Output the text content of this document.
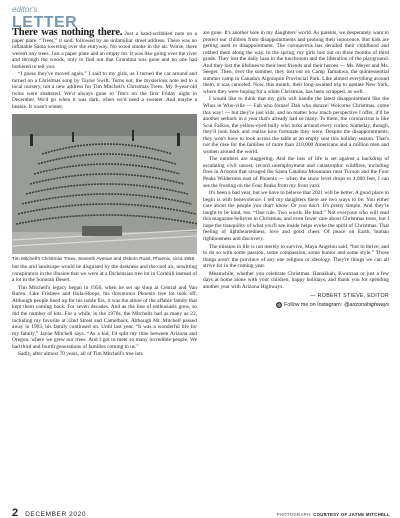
editor's
LETTER

There was nothing there. Just a hand-scribbled note on a paper plate. “Trees,” it said, followed by an unfamiliar street address. There was no inflatable Santa towering over the entryway. No wood smoke in the air. Worse, there weren't any trees. Just a paper plate and an empty lot. It was like going over the river and through the woods, only to find out that Grandma was gone and no one had bothered to tell you.

“I guess they've moved again,” I said to my girls, as I turned the car around and turned on a Christmas song by Taylor Swift. Turns out, the mysterious note led to a local nursery, not a new address for Tim Mitchell's Christmas Trees. My 9-year-old twins were shattered. We'd always gone to Tim's on the first Friday night in December. We'd go when it was dark, when we'd need a sweater. And maybe a beanie. It wasn't winter,

Tim Mitchell's Christmas Trees, Seventh Avenue and Osborn Road, Phoenix, circa 1955

but the arid landscape would be disguised by the darkness and the cool air, unwitting conspirators in the illusion that we were at a Dickensian tree lot in Cornhill instead of a lot in the Sonoran Desert.

Tim Mitchell's legacy began in 1950, when he set up shop at Central and Van Buren. Like Frisbees and Hula-Hoops, his downtown Phoenix tree lot took off. Although people lined up for his noble firs, it was the allure of the affable family that kept them coming back. For seven decades. And as the line of enthusiasts grew, so did the number of lots. For a while, in the 1970s, the Mitchells had as many as 22, including my favorite at 32nd Street and Camelback. Although Mr. Mitchell passed away in 1993, his family continued on. Until last year. “It was a wonderful life for my family,” Jayne Mitchell says. “As a kid, I'd split my time between Arizona and Oregon, where we grew our trees. And I got to meet so many incredible people. We had third and fourth generations of families coming to us.”

Sadly, after almost 70 years, all of Tim Mitchell's tree lots

are gone. It's another hole in my daughters' world. As parents, we desperately want to protect our children from disappointments and prolong their innocence. But kids are getting used to disappointment. The coronavirus has derailed their childhood and robbed them along the way. In the spring, my girls lost out on three months of third grade. They lost the daily luau in the lunchroom and the liberation of the playground. And they lost the lifelines to their best friends and their heroes — Ms. Meyer and Ms. Seeger. Then, over the summer, they lost out on Camp Tamakwa, the quintessential summer camp in Canada's Algonquin Provincial Park. Like almost everything around them, it was canceled. Now, this month, their long-awaited trip to upstate New York, where they were hoping for a white Christmas, has been scrapped, as well.

I would like to think that my girls will handle the latest disappointment like the Whos in Who-ville — Fah who foraze! Dah who doraze! Welcome Christmas, come this way! — but they're just kids, and no matter how much perspective I offer, it'll be another setback in a year that's already had so many. To them, the coronavirus is like Scut Farkus, the yellow-eyed bully who lurks around every corner. Someday, though, they'll look back and realize how fortunate they were. Despite the disappointments, they won't have to look across the table at an empty seat this holiday season. That's not the case for the families of more than 210,000 Americans and a million men and women around the world.

The numbers are staggering. And the loss of life is set against a backdrop of escalating civil unrest, record unemployment and catastrophic wildfires, including fires in Arizona that ravaged the Santa Catalina Mountains near Tucson and the Four Peaks Wilderness east of Phoenix — when the snow level drops to 4,000 feet, I can see the frosting on the Four Peaks from my front yard.

It's been a bad year, but we have to believe that 2021 will be better. A good place to begin is with benevolence. I tell my daughters there are two ways to be: You either care about the people you don't know. Or you don't. It's pretty simple. And they're taught to be kind, too. “One rule. Two words. Be kind.” Not everyone who will read this magazine believes in Christmas, and even fewer care about Christmas trees, but I hope the tranquility of what you'll see inside helps evoke the spirit of Christmas. That feeling of lightheartedness, love and good cheer. Of peace on Earth, human rightiousness and discovery.

The mission in life is not merely to survive, Maya Angelou said, “but to thrive, and to do so with some passion, some compassion, some humor and some style.” Those things aren't the province of any one religion or ideology. They're things we can all strive for in the coming year.

Meanwhile, whether you celebrate Christmas, Hanukkah, Kwanzaa or just a few days at home alone with your children, happy holidays, and thank you for spending another year with Arizona Highways.

— ROBERT STIEVE, EDITOR
◎ Follow me on Instagram: @arizonahighways
2 DECEMBER 2020	PHOTOGRAPH: COURTESY OF JAYNE MITCHELL
